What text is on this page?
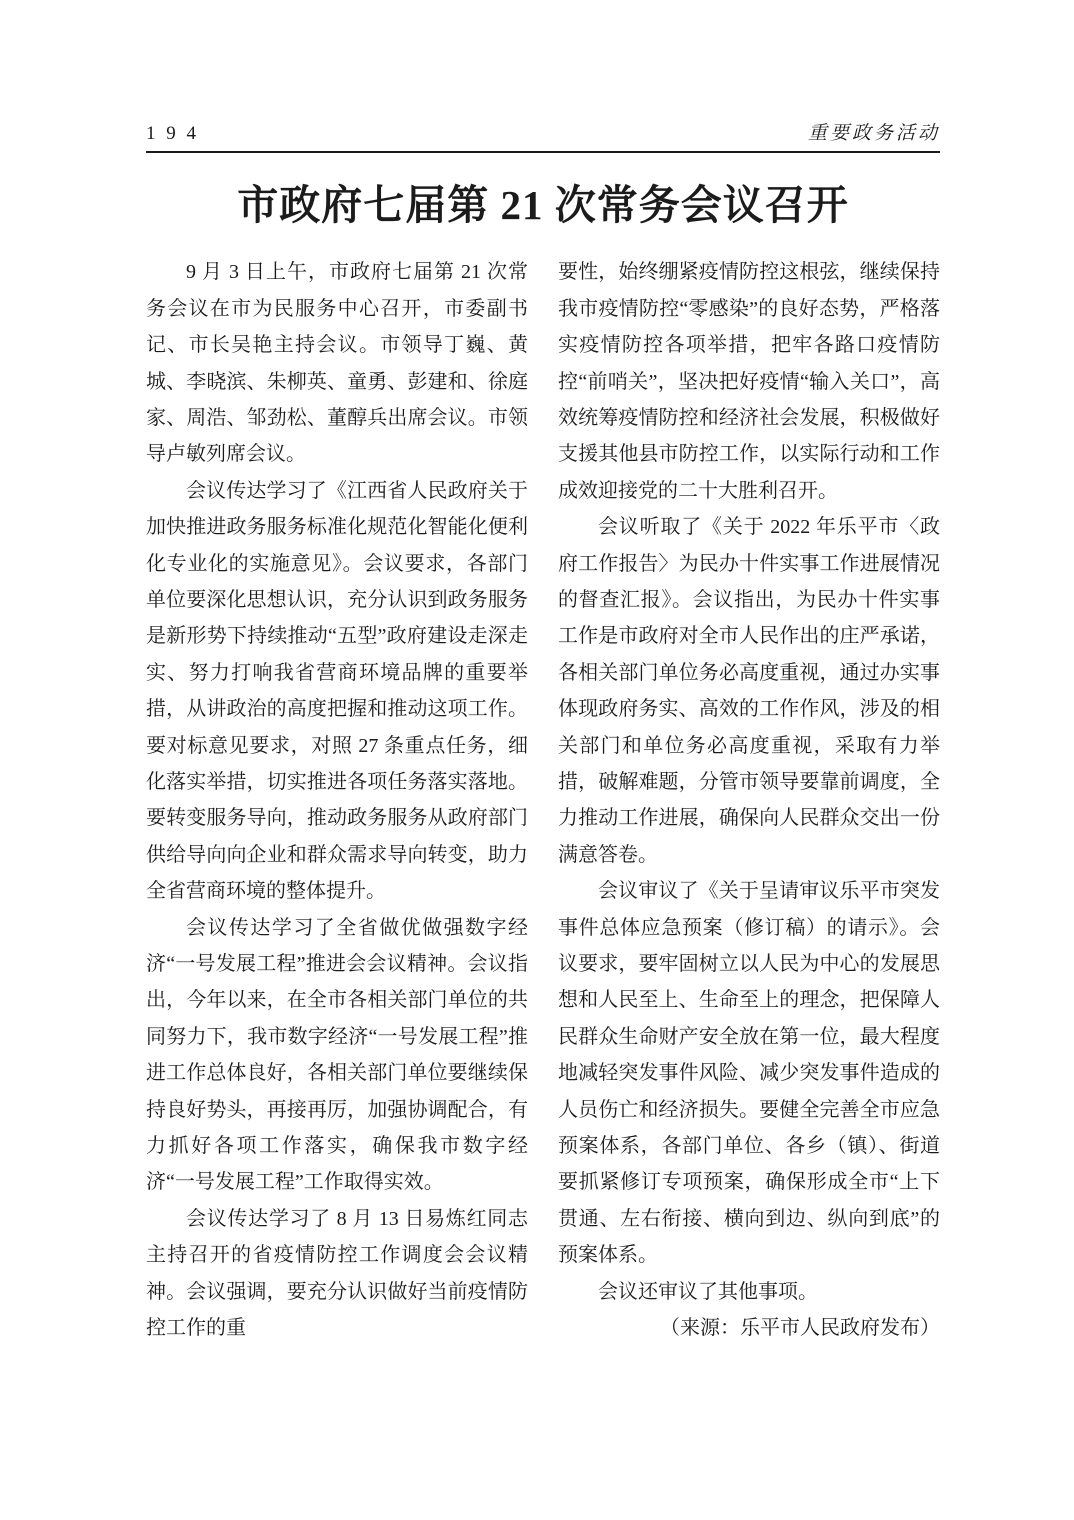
1 9 4	重要政务活动
市政府七届第 21 次常务会议召开

9 月 3 日上午，市政府七届第 21 次常务会议在市为民服务中心召开，市委副书记、市长吴艳主持会议。市领导丁巍、黄城、李晓滨、朱柳英、童勇、彭建和、徐庭家、周浩、邹劲松、董醇兵出席会议。市领导卢敏列席会议。

会议传达学习了《江西省人民政府关于加快推进政务服务标准化规范化智能化便利化专业化的实施意见》。会议要求，各部门单位要深化思想认识，充分认识到政务服务是新形势下持续推动“五型”政府建设走深走实、努力打响我省营商环境品牌的重要举措，从讲政治的高度把握和推动这项工作。要对标意见要求，对照 27 条重点任务，细化落实举措，切实推进各项任务落实落地。要转变服务导向，推动政务服务从政府部门供给导向向企业和群众需求导向转变，助力全省营商环境的整体提升。

会议传达学习了全省做优做强数字经济“一号发展工程”推进会会议精神。会议指出，今年以来，在全市各相关部门单位的共同努力下，我市数字经济“一号发展工程”推进工作总体良好，各相关部门单位要继续保持良好势头，再接再厉，加强协调配合，有力抓好各项工作落实，确保我市数字经济“一号发展工程”工作取得实效。

会议传达学习了 8 月 13 日易炼红同志主持召开的省疫情防控工作调度会会议精神。会议强调，要充分认识做好当前疫情防控工作的重

要性，始终绷紧疫情防控这根弦，继续保持我市疫情防控“零感染”的良好态势，严格落实疫情防控各项举措，把牢各路口疫情防控“前哨关”，坚决把好疫情“输入关口”，高效统筹疫情防控和经济社会发展，积极做好支援其他县市防控工作，以实际行动和工作成效迎接党的二十大胜利召开。

会议听取了《关于 2022 年乐平市〈政府工作报告〉为民办十件实事工作进展情况的督查汇报》。会议指出，为民办十件实事工作是市政府对全市人民作出的庄严承诺，各相关部门单位务必高度重视，通过办实事体现政府务实、高效的工作作风，涉及的相关部门和单位务必高度重视，采取有力举措，破解难题，分管市领导要靠前调度，全力推动工作进展，确保向人民群众交出一份满意答卷。

会议审议了《关于呈请审议乐平市突发事件总体应急预案（修订稿）的请示》。会议要求，要牢固树立以人民为中心的发展思想和人民至上、生命至上的理念，把保障人民群众生命财产安全放在第一位，最大程度地减轻突发事件风险、减少突发事件造成的人员伤亡和经济损失。要健全完善全市应急预案体系，各部门单位、各乡（镇）、街道要抓紧修订专项预案，确保形成全市“上下贯通、左右衔接、横向到边、纵向到底”的预案体系。

会议还审议了其他事项。

（来源：乐平市人民政府发布）
